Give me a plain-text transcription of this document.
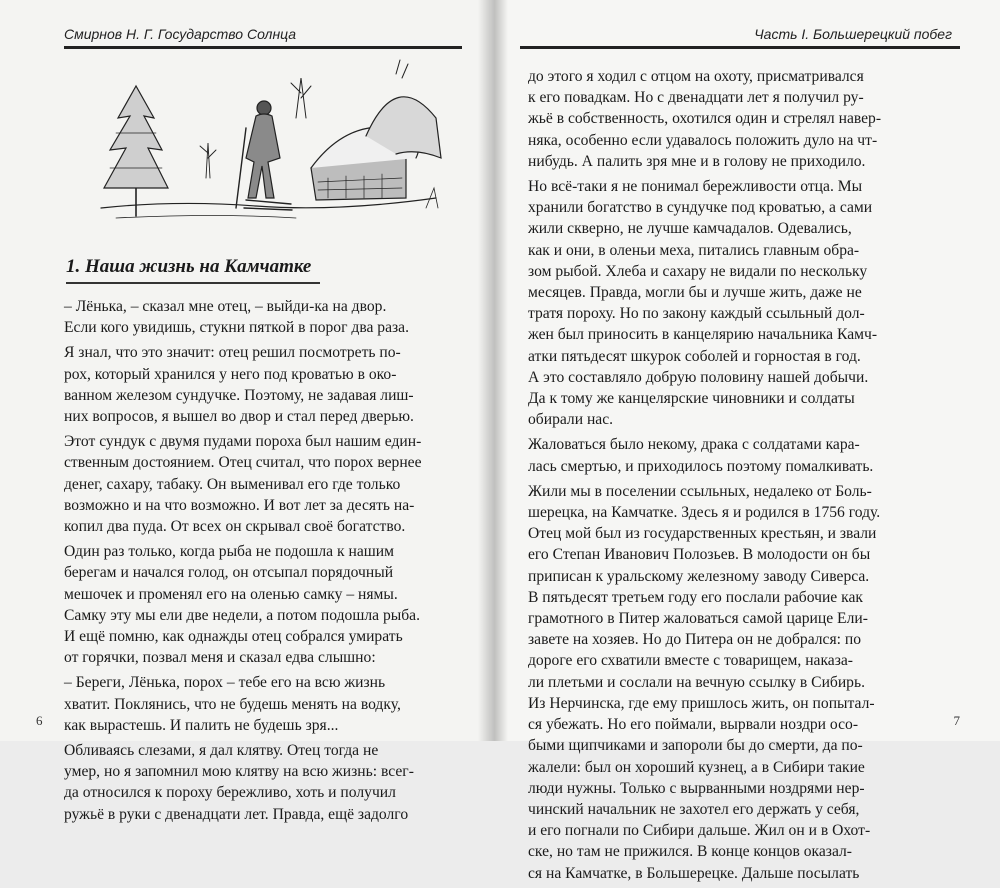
Смирнов Н. Г. Государство Солнца
1. Наша жизнь на Камчатке

– Лёнька, – сказал мне отец, – выйди-ка на двор.
Если кого увидишь, стукни пяткой в порог два раза.

Я знал, что это значит: отец решил посмотреть по-
рох, который хранился у него под кроватью в око-
ванном железом сундучке. Поэтому, не задавая лиш-
них вопросов, я вышел во двор и стал перед дверью.

Этот сундук с двумя пудами пороха был нашим един-
ственным достоянием. Отец считал, что порох вернее
денег, сахару, табаку. Он выменивал его где только
возможно и на что возможно. И вот лет за десять на-
копил два пуда. От всех он скрывал своё богатство.

Один раз только, когда рыба не подошла к нашим
берегам и начался голод, он отсыпал порядочный
мешочек и променял его на оленью самку – нямы.
Самку эту мы ели две недели, а потом подошла рыба.
И ещё помню, как однажды отец собрался умирать
от горячки, позвал меня и сказал едва слышно:

– Береги, Лёнька, порох – тебе его на всю жизнь
хватит. Поклянись, что не будешь менять на водку,
как вырастешь. И палить не будешь зря...

Обливаясь слезами, я дал клятву. Отец тогда не
умер, но я запомнил мою клятву на всю жизнь: всег-
да относился к пороху бережливо, хоть и получил
ружьё в руки с двенадцати лет. Правда, ещё задолго

6
Часть I. Большерецкий побег

до этого я ходил с отцом на охоту, присматривался
к его повадкам. Но с двенадцати лет я получил ру-
жьё в собственность, охотился один и стрелял навер-
няка, особенно если удавалось положить дуло на чт-
нибудь. А палить зря мне и в голову не приходило.

Но всё-таки я не понимал бережливости отца. Мы
хранили богатство в сундучке под кроватью, а сами
жили скверно, не лучше камчадалов. Одевались,
как и они, в оленьи меха, питались главным обра-
зом рыбой. Хлеба и сахару не видали по нескольку
месяцев. Правда, могли бы и лучше жить, даже не
тратя пороху. Но по закону каждый ссыльный дол-
жен был приносить в канцелярию начальника Камч-
атки пятьдесят шкурок соболей и горностая в год.
А это составляло добрую половину нашей добычи.
Да к тому же канцелярские чиновники и солдаты
обирали нас.

Жаловаться было некому, драка с солдатами кара-
лась смертью, и приходилось поэтому помалкивать.

Жили мы в поселении ссыльных, недалеко от Боль-
шерецка, на Камчатке. Здесь я и родился в 1756 году.
Отец мой был из государственных крестьян, и звали
его Степан Иванович Полозьев. В молодости он бы
приписан к уральскому железному заводу Сиверса.
В пятьдесят третьем году его послали рабочие как
грамотного в Питер жаловаться самой царице Ели-
завете на хозяев. Но до Питера он не добрался: по
дороге его схватили вместе с товарищем, наказа-
ли плетьми и сослали на вечную ссылку в Сибирь.
Из Нерчинска, где ему пришлось жить, он попытал-
ся убежать. Но его поймали, вырвали ноздри осо-
быми щипчиками и запороли бы до смерти, да по-
жалели: был он хороший кузнец, а в Сибири такие
люди нужны. Только с вырванными ноздрями нер-
чинский начальник не захотел его держать у себя,
и его погнали по Сибири дальше. Жил он и в Охот-
ске, но там не прижился. В конце концов оказал-
ся на Камчатке, в Большерецке. Дальше посылать

7
